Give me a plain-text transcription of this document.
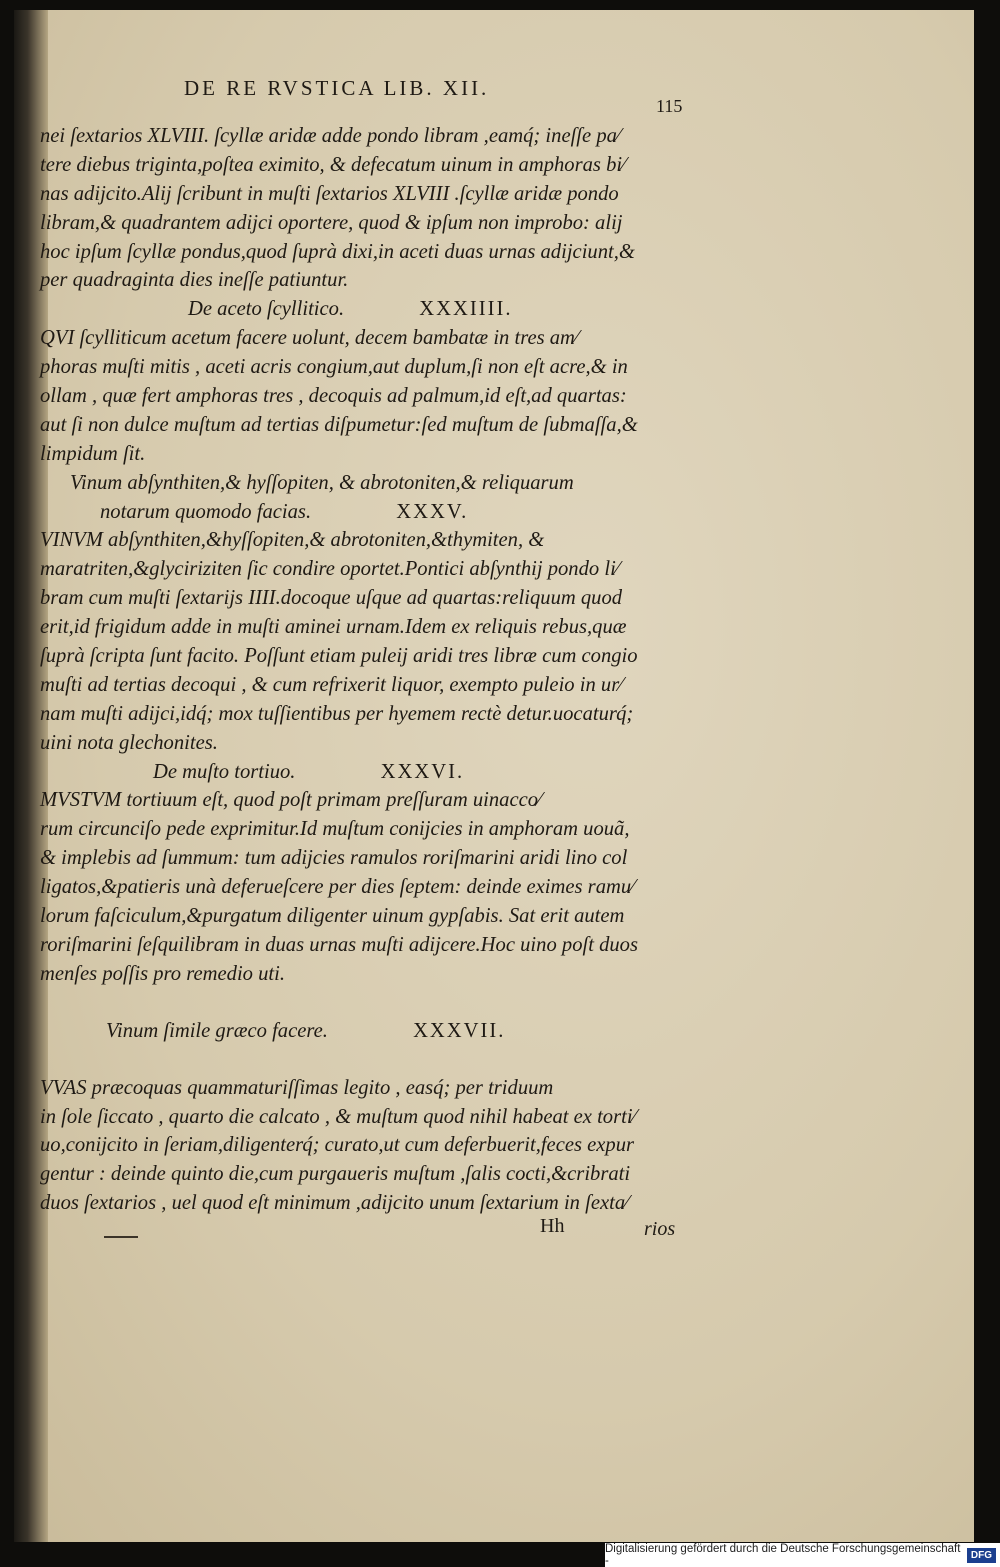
DE RE RVSTICA LIB. XII.
115
nei ſextarios XLVIII. ſcyllæ aridæ adde pondo libram ,eamq́; ineſſe pa⁄
tere diebus triginta,poſtea eximito, & defecatum uinum in amphoras bi⁄
nas adijcito.Alij ſcribunt in muſti ſextarios XLVIII .ſcyllæ aridæ pondo
libram,& quadrantem adijci oportere, quod & ipſum non improbo: alij
hoc ipſum ſcyllæ pondus,quod ſuprà dixi,in aceti duas urnas adijciunt,&
per quadraginta dies ineſſe patiuntur.
De aceto ſcyllitico.	XXXIIII.
QVI ſcylliticum acetum facere uolunt, decem bambatæ in tres am⁄
phoras muſti mitis , aceti acris congium,aut duplum,ſi non eſt acre,& in
ollam , quæ fert amphoras tres , decoquis ad palmum,id eſt,ad quartas:
aut ſi non dulce muſtum ad tertias diſpumetur:ſed muſtum de ſubmaſſa,&
limpidum ſit.
Vinum abſynthiten,& hyſſopiten, & abrotoniten,& reliquarum
notarum quomodo facias.	XXXV.
VINVM abſynthiten,&hyſſopiten,& abrotoniten,&thymiten, &
maratriten,&glyciriziten ſic condire oportet.Pontici abſynthij pondo li⁄
bram cum muſti ſextarijs IIII.docoque uſque ad quartas:reliquum quod
erit,id frigidum adde in muſti aminei urnam.Idem ex reliquis rebus,quæ
ſuprà ſcripta ſunt facito. Poſſunt etiam puleij aridi tres libræ cum congio
muſti ad tertias decoqui , & cum refrixerit liquor, exempto puleio in ur⁄
nam muſti adijci,idq́; mox tuſſientibus per hyemem rectè detur.uocaturq́;
uini nota glechonites.
De muſto tortiuo.	XXXVI.
MVSTVM tortiuum eſt, quod poſt primam preſſuram uinacco⁄
rum circunciſo pede exprimitur.Id muſtum conijcies in amphoram uouã,
& implebis ad ſummum: tum adijcies ramulos roriſmarini aridi lino col
ligatos,&patieris unà deferueſcere per dies ſeptem: deinde eximes ramu⁄
lorum faſciculum,&purgatum diligenter uinum gypſabis. Sat erit autem
roriſmarini ſeſquilibram in duas urnas muſti adijcere.Hoc uino poſt duos
menſes poſſis pro remedio uti.
Vinum ſimile græco facere.	XXXVII.
VVAS præcoquas quammaturiſſimas legito , easq́; per triduum
in ſole ſiccato , quarto die calcato , & muſtum quod nihil habeat ex torti⁄
uo,conijcito in ſeriam,diligenterq́; curato,ut cum deferbuerit,feces expur
gentur : deinde quinto die,cum purgaueris muſtum ,ſalis cocti,&cribrati
duos ſextarios , uel quod eſt minimum ,adijcito unum ſextarium in ſexta⁄
Hh	rios
Digitalisierung gefördert durch die Deutsche Forschungsgemeinschaft -	DFG
